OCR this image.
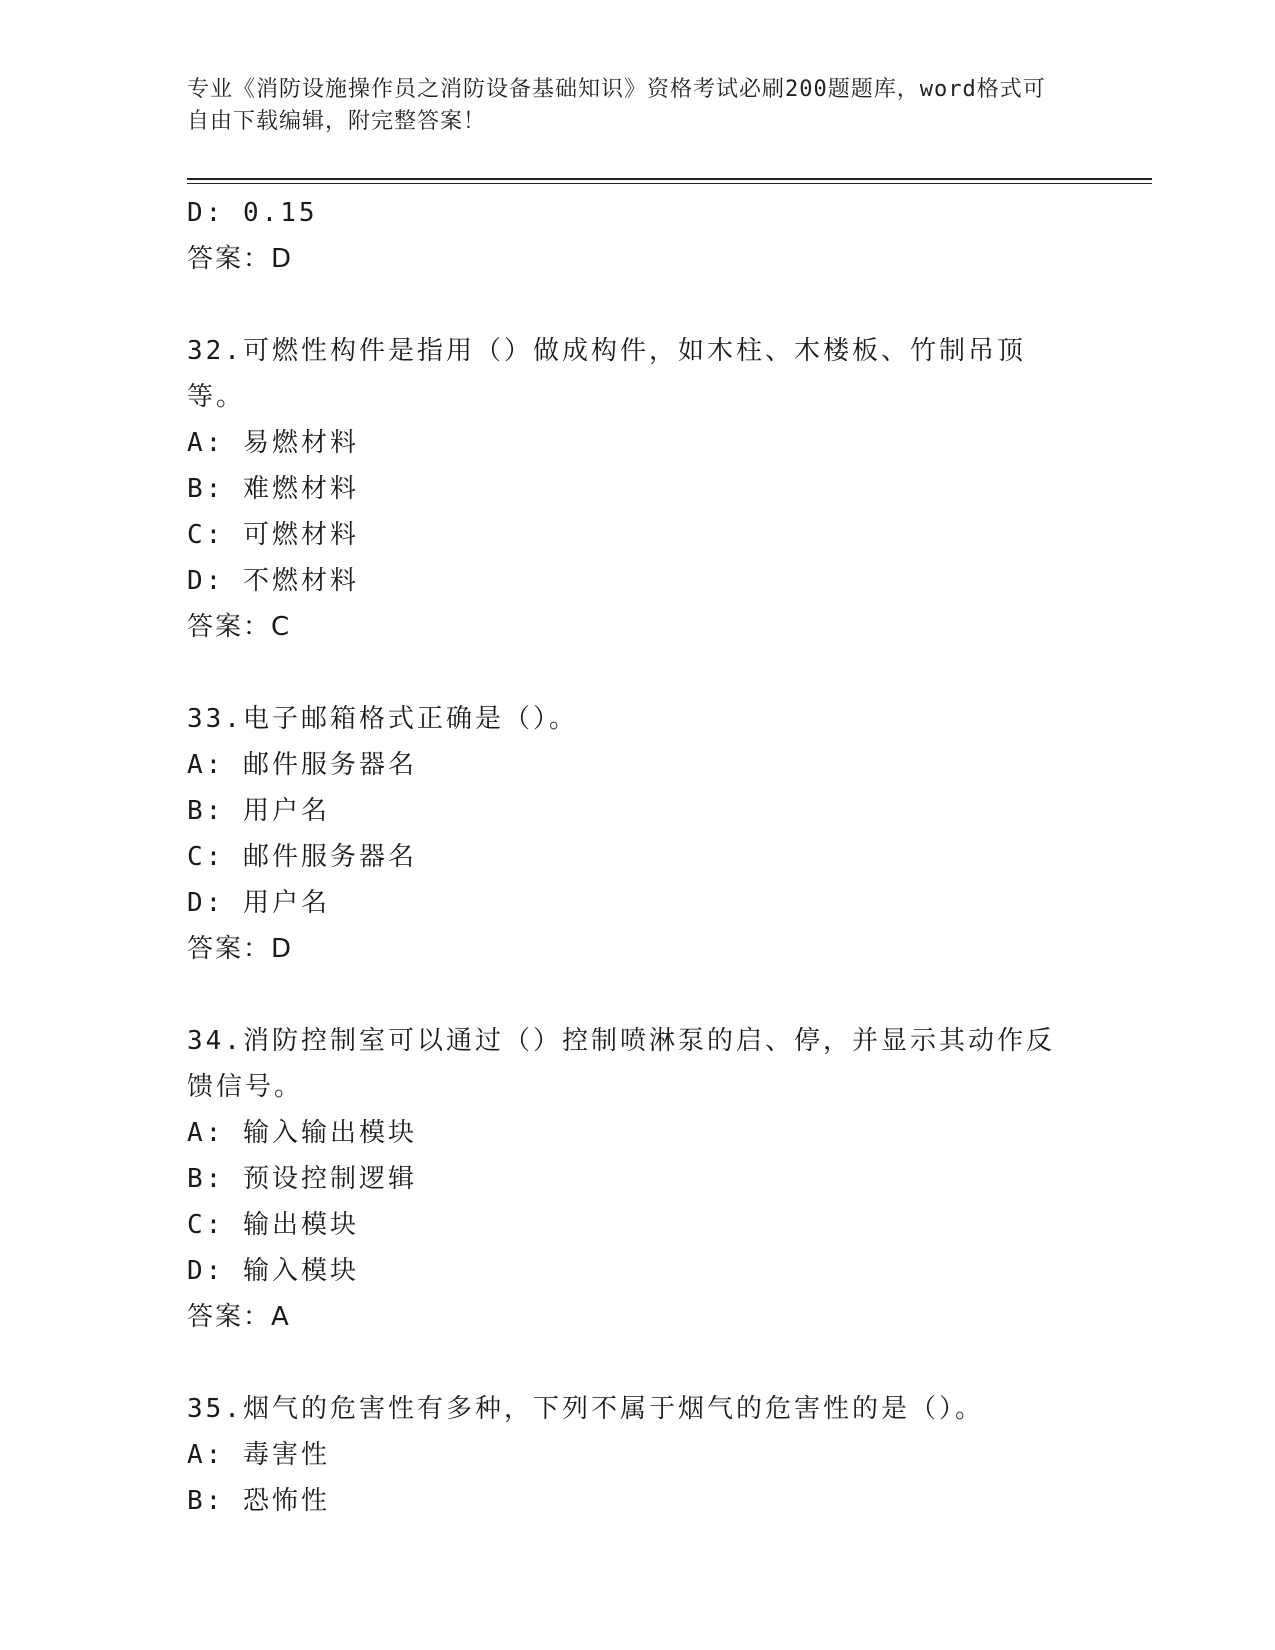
专业《消防设施操作员之消防设备基础知识》资格考试必刷200题题库，word格式可自由下载编辑，附完整答案！
D: 0.15
答案：D
32.可燃性构件是指用（）做成构件，如木柱、木楼板、竹制吊顶等。
A: 易燃材料
B: 难燃材料
C: 可燃材料
D: 不燃材料
答案：C
33.电子邮箱格式正确是（）。
A: 邮件服务器名
B: 用户名
C: 邮件服务器名
D: 用户名
答案：D
34.消防控制室可以通过（）控制喷淋泵的启、停，并显示其动作反馈信号。
A: 输入输出模块
B: 预设控制逻辑
C: 输出模块
D: 输入模块
答案：A
35.烟气的危害性有多种，下列不属于烟气的危害性的是（）。
A: 毒害性
B: 恐怖性
